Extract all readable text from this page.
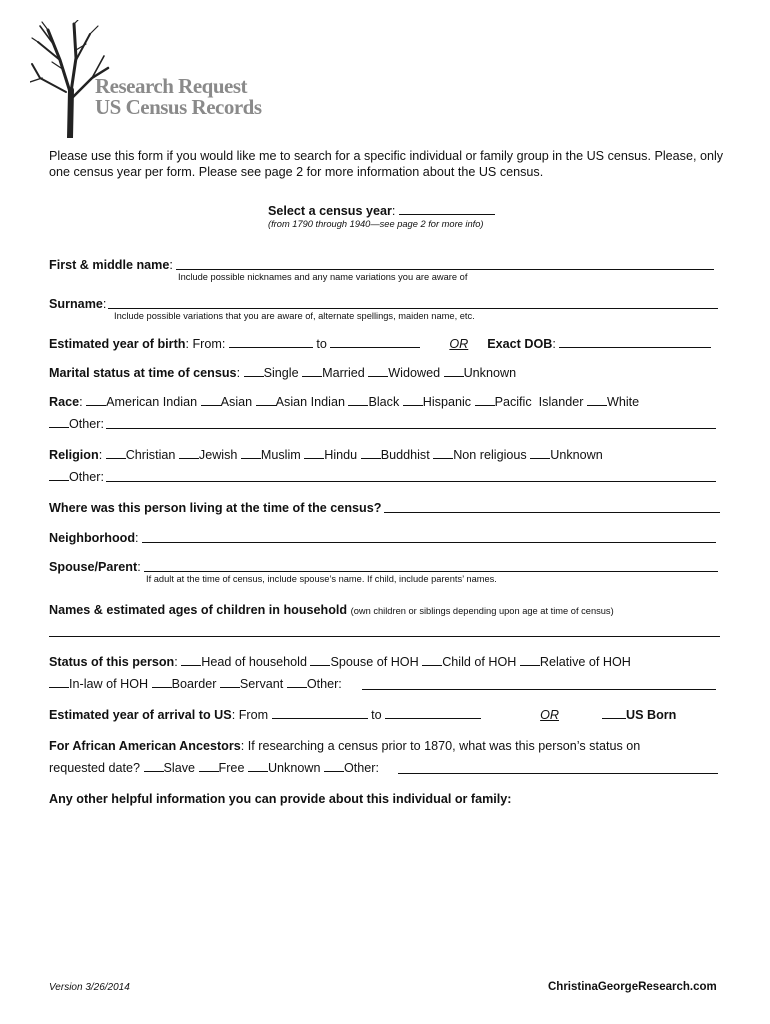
Research Request
US Census Records
Please use this form if you would like me to search for a specific individual or family group in the US census. Please, only one census year per form. Please see page 2 for more information about the US census.
Select a census year:
(from 1790 through 1940—see page 2 for more info)
First & middle name:
Include possible nicknames and any name variations you are aware of
Surname:
Include possible variations that you are aware of, alternate spellings, maiden name, etc.
Estimated year of birth: From:	to	OR Exact DOB:
Marital status at time of census: Single Married Widowed Unknown
Race: American Indian Asian Asian Indian Black Hispanic Pacific  Islander White
Other:
Religion: Christian Jewish Muslim Hindu Buddhist Non religious Unknown
Other:
Where was this person living at the time of the census?
Neighborhood:
Spouse/Parent:
If adult at the time of census, include spouse’s name. If child, include parents’ names.
Names & estimated ages of children in household (own children or siblings depending upon age at time of census)
Status of this person: Head of household Spouse of HOH Child of HOH Relative of HOH
In-law of HOH Boarder Servant Other:
Estimated year of arrival to US: From	to	OR	US Born
For African American Ancestors: If researching a census prior to 1870, what was this person’s status on
requested date? Slave Free Unknown Other:
Any other helpful information you can provide about this individual or family:
Version 3/26/2014	ChristinaGeorgeResearch.com
